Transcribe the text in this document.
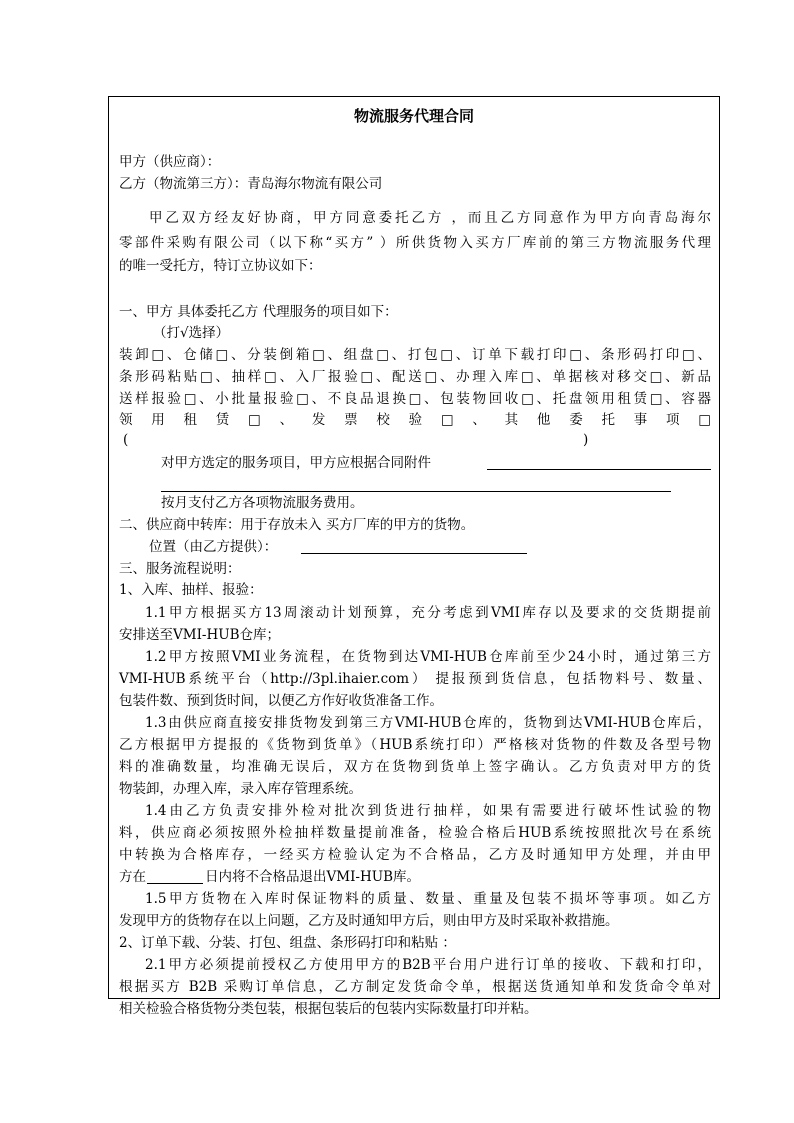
物流服务代理合同
甲方（供应商）：
乙方（物流第三方）：青岛海尔物流有限公司
甲乙双方经友好协商，甲方同意委托乙方 ，而且乙方同意作为甲方向青岛海尔
零部件采购有限公司（以下称“买方” ）所供货物入买方厂库前的第三方物流服务代理
的唯一受托方，特订立协议如下：
一、甲方 具体委托乙方 代理服务的项目如下：
（打√选择）
装卸□、仓储□、分装倒箱□、组盘□、打包□、订单下载打印□、条形码打印□、
条形码粘贴□、抽样□、入厂报验□、配送□、办理入库□、单据核对移交□、新品
送样报验□、小批量报验□、不良品退换□、包装物回收□、托盘领用租赁□、容器
领用租赁□、发票校验□、其他委托事项□
(	)
对甲方选定的服务项目，甲方应根据合同附件
按月支付乙方各项物流服务费用。
二、供应商中转库：用于存放未入 买方厂库的甲方的货物。
位置（由乙方提供）：
三、服务流程说明：
1、入库、抽样、报验：
1.1甲方根据买方13周滚动计划预算，充分考虑到VMI库存以及要求的交货期提前
安排送至VMI-HUB仓库；
1.2甲方按照VMI业务流程，在货物到达VMI-HUB仓库前至少24小时，通过第三方
VMI-HUB系统平台（http://3pl.ihaier.com） 提报预到货信息，包括物料号、数量、
包装件数、预到货时间，以便乙方作好收货准备工作。
1.3由供应商直接安排货物发到第三方VMI-HUB仓库的，货物到达VMI-HUB仓库后，
乙方根据甲方提报的《货物到货单》（HUB系统打印）严格核对货物的件数及各型号物
料的准确数量，均准确无误后，双方在货物到货单上签字确认。乙方负责对甲方的货
物装卸，办理入库，录入库存管理系统。
1.4由乙方负责安排外检对批次到货进行抽样，如果有需要进行破坏性试验的物
料，供应商必须按照外检抽样数量提前准备，检验合格后HUB系统按照批次号在系统
中转换为合格库存，一经买方检验认定为不合格品，乙方及时通知甲方处理，并由甲
方在	日内将不合格品退出VMI-HUB库。
1.5甲方货物在入库时保证物料的质量、数量、重量及包装不损坏等事项。如乙方
发现甲方的货物存在以上问题，乙方及时通知甲方后，则由甲方及时采取补救措施。
2、订单下载、分装、打包、组盘、条形码打印和粘贴 ：
2.1甲方必须提前授权乙方使用甲方的B2B平台用户进行订单的接收、下载和打印，
根据买方 B2B 采购订单信息，乙方制定发货命令单，根据送货通知单和发货命令单对
相关检验合格货物分类包装，根据包装后的包装内实际数量打印并粘。
